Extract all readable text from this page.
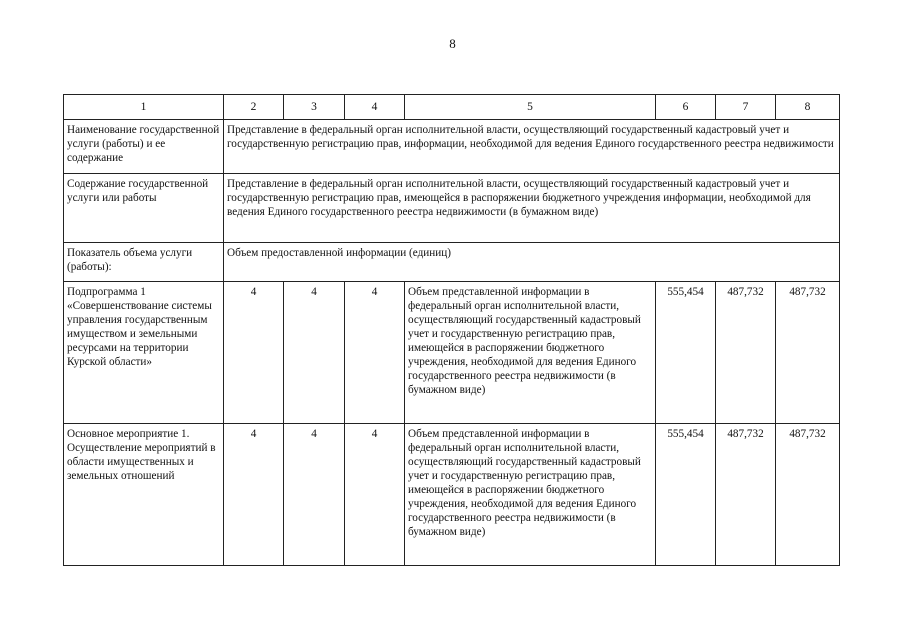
8
1	2	3	4	5	6	7	8
Наименование государственной услуги (работы) и ее содержание	Представление в федеральный орган исполнительной власти, осуществляющий государственный кадастровый учет и государственную регистрацию прав, информации, необходимой для ведения Единого государственного реестра недвижимости						
Содержание государственной услуги или работы	Представление в федеральный орган исполнительной власти, осуществляющий государственный кадастровый учет и государственную регистрацию прав, имеющейся в распоряжении бюджетного учреждения информации, необходимой для ведения Единого государственного реестра недвижимости (в бумажном виде)						
Показатель объема услуги (работы):	Объем предоставленной информации (единиц)						
Подпрограмма 1 «Совершенствование системы управления государственным имуществом и земельными ресурсами на территории Курской области»	4	4	4	Объем представленной информации в федеральный орган исполнительной власти, осуществляющий государственный кадастровый учет и государственную регистрацию прав, имеющейся в распоряжении бюджетного учреждения, необходимой для ведения Единого государственного реестра недвижимости (в бумажном виде)	555,454	487,732	487,732
Основное мероприятие 1. Осуществление мероприятий в области имущественных и земельных отношений	4	4	4	Объем представленной информации в федеральный орган исполнительной власти, осуществляющий государственный кадастровый учет и государственную регистрацию прав, имеющейся в распоряжении бюджетного учреждения, необходимой для ведения Единого государственного реестра недвижимости (в бумажном виде)	555,454	487,732	487,732
